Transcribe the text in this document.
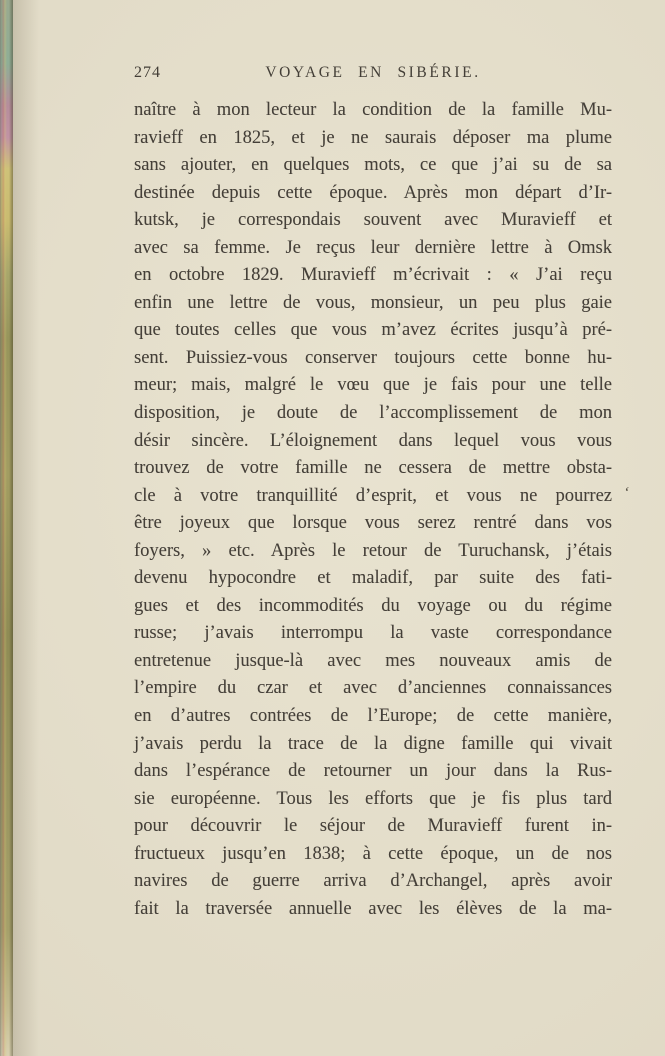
274	VOYAGE EN SIBÉRIE.
naître à mon lecteur la condition de la famille Mu-
ravieff en 1825, et je ne saurais déposer ma plume
sans ajouter, en quelques mots, ce que j’ai su de sa
destinée depuis cette époque. Après mon départ d’Ir-
kutsk, je correspondais souvent avec Muravieff et
avec sa femme. Je reçus leur dernière lettre à Omsk
en octobre 1829. Muravieff m’écrivait : « J’ai reçu
enfin une lettre de vous, monsieur, un peu plus gaie
que toutes celles que vous m’avez écrites jusqu’à pré-
sent. Puissiez-vous conserver toujours cette bonne hu-
meur; mais, malgré le vœu que je fais pour une telle
disposition, je doute de l’accomplissement de mon
désir sincère. L’éloignement dans lequel vous vous
trouvez de votre famille ne cessera de mettre obsta-
cle à votre tranquillité d’esprit, et vous ne pourrez
être joyeux que lorsque vous serez rentré dans vos
foyers, » etc. Après le retour de Turuchansk, j’étais
devenu hypocondre et maladif, par suite des fati-
gues et des incommodités du voyage ou du régime
russe; j’avais interrompu la vaste correspondance
entretenue jusque-là avec mes nouveaux amis de
l’empire du czar et avec d’anciennes connaissances
en d’autres contrées de l’Europe; de cette manière,
j’avais perdu la trace de la digne famille qui vivait
dans l’espérance de retourner un jour dans la Rus-
sie européenne. Tous les efforts que je fis plus tard
pour découvrir le séjour de Muravieff furent in-
fructueux jusqu’en 1838; à cette époque, un de nos
navires de guerre arriva d’Archangel, après avoir
fait la traversée annuelle avec les élèves de la ma-
‘
